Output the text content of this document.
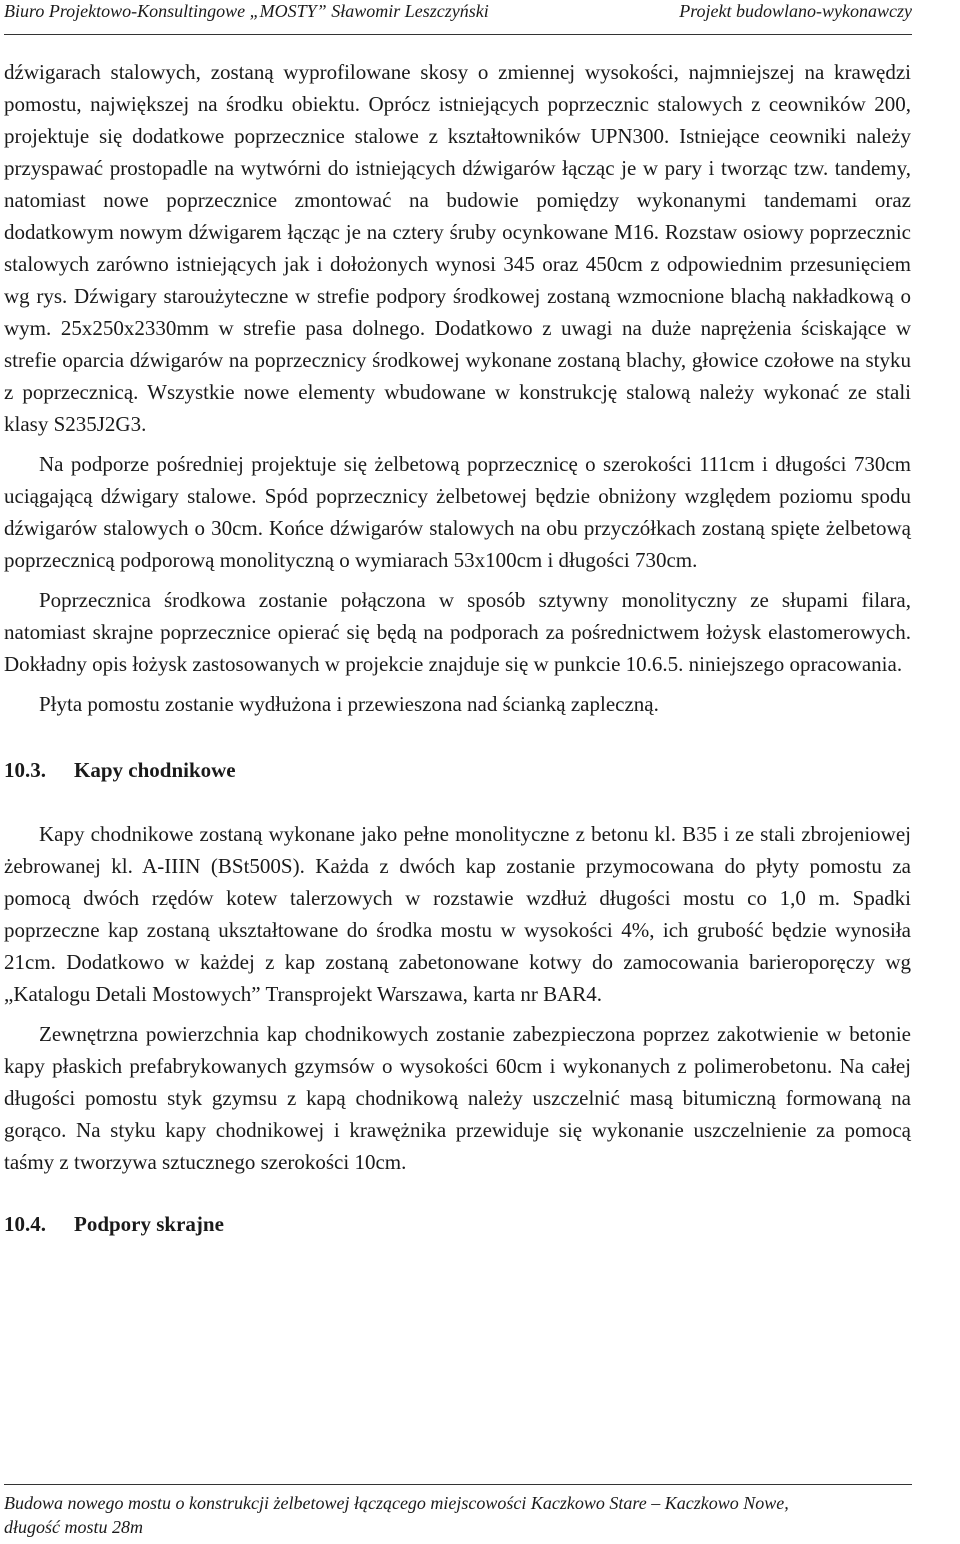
Biuro Projektowo-Konsultingowe „MOSTY” Sławomir Leszczyński	Projekt budowlano-wykonawczy

dźwigarach stalowych, zostaną wyprofilowane skosy o zmiennej wysokości, najmniejszej na krawędzi pomostu, największej na środku obiektu. Oprócz istniejących poprzecznic stalowych z ceowników 200, projektuje się dodatkowe poprzecznice stalowe z kształtowników UPN300. Istniejące ceowniki należy przyspawać prostopadle na wytwórni do istniejących dźwigarów łącząc je w pary i tworząc tzw. tandemy, natomiast nowe poprzecznice zmontować na budowie pomiędzy wykonanymi tandemami oraz dodatkowym nowym dźwigarem łącząc je na cztery śruby ocynkowane M16. Rozstaw osiowy poprzecznic stalowych zarówno istniejących jak i dołożonych wynosi 345 oraz 450cm z odpowiednim przesunięciem wg rys. Dźwigary staroużyteczne w strefie podpory środkowej zostaną wzmocnione blachą nakładkową o wym. 25x250x2330mm w strefie pasa dolnego. Dodatkowo z uwagi na duże naprężenia ściskające w strefie oparcia dźwigarów na poprzecznicy środkowej wykonane zostaną blachy, głowice czołowe na styku z poprzecznicą. Wszystkie nowe elementy wbudowane w konstrukcję stalową należy wykonać ze stali klasy S235J2G3.

Na podporze pośredniej projektuje się żelbetową poprzecznicę o szerokości 111cm i długości 730cm uciągającą dźwigary stalowe. Spód poprzecznicy żelbetowej będzie obniżony względem poziomu spodu dźwigarów stalowych o 30cm. Końce dźwigarów stalowych na obu przyczółkach zostaną spięte żelbetową poprzecznicą podporową monolityczną o wymiarach 53x100cm i długości 730cm.

Poprzecznica środkowa zostanie połączona w sposób sztywny monolityczny ze słupami filara, natomiast skrajne poprzecznice opierać się będą na podporach za pośrednictwem łożysk elastomerowych. Dokładny opis łożysk zastosowanych w projekcie znajduje się w punkcie 10.6.5. niniejszego opracowania.

Płyta pomostu zostanie wydłużona i przewieszona nad ścianką zapleczną.

10.3. Kapy chodnikowe

Kapy chodnikowe zostaną wykonane jako pełne monolityczne z betonu kl. B35 i ze stali zbrojeniowej żebrowanej kl. A-IIIN (BSt500S). Każda z dwóch kap zostanie przymocowana do płyty pomostu za pomocą dwóch rzędów kotew talerzowych w rozstawie wzdłuż długości mostu co 1,0 m. Spadki poprzeczne kap zostaną ukształtowane do środka mostu w wysokości 4%, ich grubość będzie wynosiła 21cm. Dodatkowo w każdej z kap zostaną zabetonowane kotwy do zamocowania barieroporęczy wg „Katalogu Detali Mostowych” Transprojekt Warszawa, karta nr BAR4.

Zewnętrzna powierzchnia kap chodnikowych zostanie zabezpieczona poprzez zakotwienie w betonie kapy płaskich prefabrykowanych gzymsów o wysokości 60cm i wykonanych z polimerobetonu. Na całej długości pomostu styk gzymsu z kapą chodnikową należy uszczelnić masą bitumiczną formowaną na gorąco. Na styku kapy chodnikowej i krawężnika przewiduje się wykonanie uszczelnienie za pomocą taśmy z tworzywa sztucznego szerokości 10cm.

10.4. Podpory skrajne
Budowa nowego mostu o konstrukcji żelbetowej łączącego miejscowości Kaczkowo Stare – Kaczkowo Nowe,
długość mostu 28m
